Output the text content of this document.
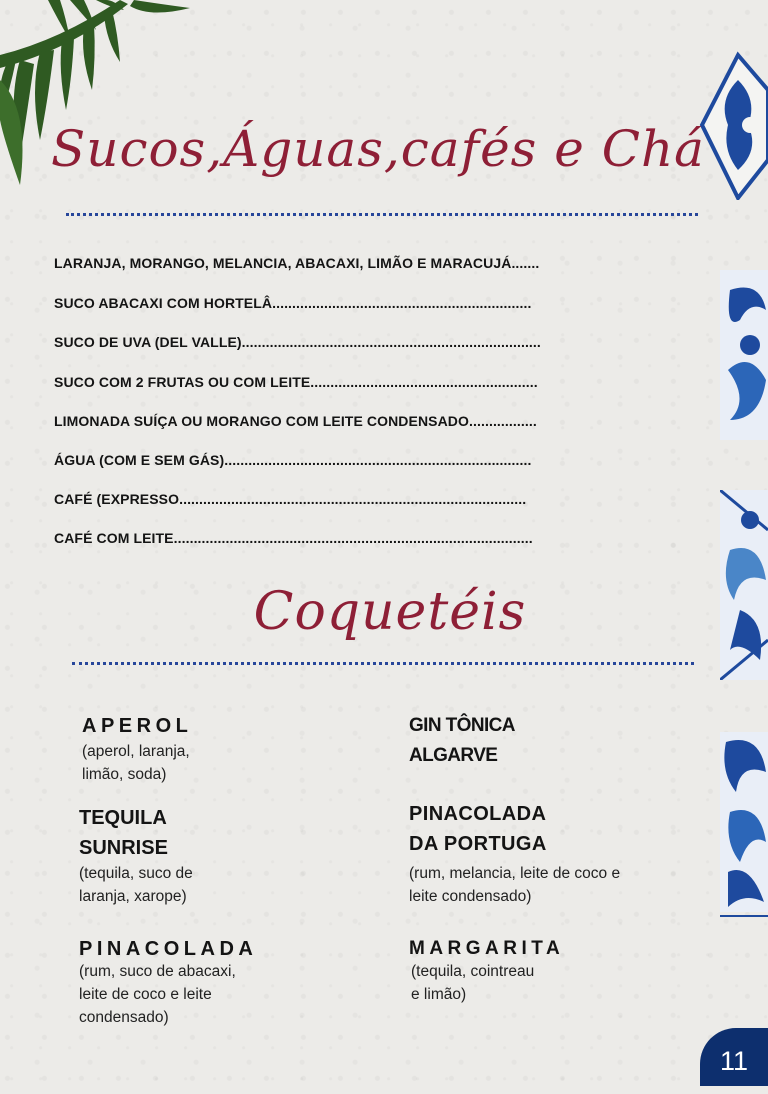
Sucos,Águas,cafés e Chá
LARANJA, MORANGO, MELANCIA, ABACAXI, LIMÃO E MARACUJÁ.......
SUCO ABACAXI COM HORTELÂ.................................................................
SUCO DE UVA (DEL VALLE)...........................................................................
SUCO COM 2 FRUTAS OU COM LEITE.........................................................
LIMONADA SUÍÇA OU MORANGO COM LEITE CONDENSADO.................
ÁGUA (COM E SEM GÁS).............................................................................
CAFÉ (EXPRESSO.......................................................................................
CAFÉ COM LEITE..........................................................................................
Coquetéis
APEROL
(aperol, laranja,
limão, soda)
GIN TÔNICA
ALGARVE
TEQUILA
SUNRISE
(tequila, suco de
laranja, xarope)
PINACOLADA
DA PORTUGA
(rum, melancia, leite de coco e
leite condensado)
PINACOLADA
(rum, suco de abacaxi,
leite de coco e leite
condensado)
MARGARITA
(tequila, cointreau
e limão)
11
